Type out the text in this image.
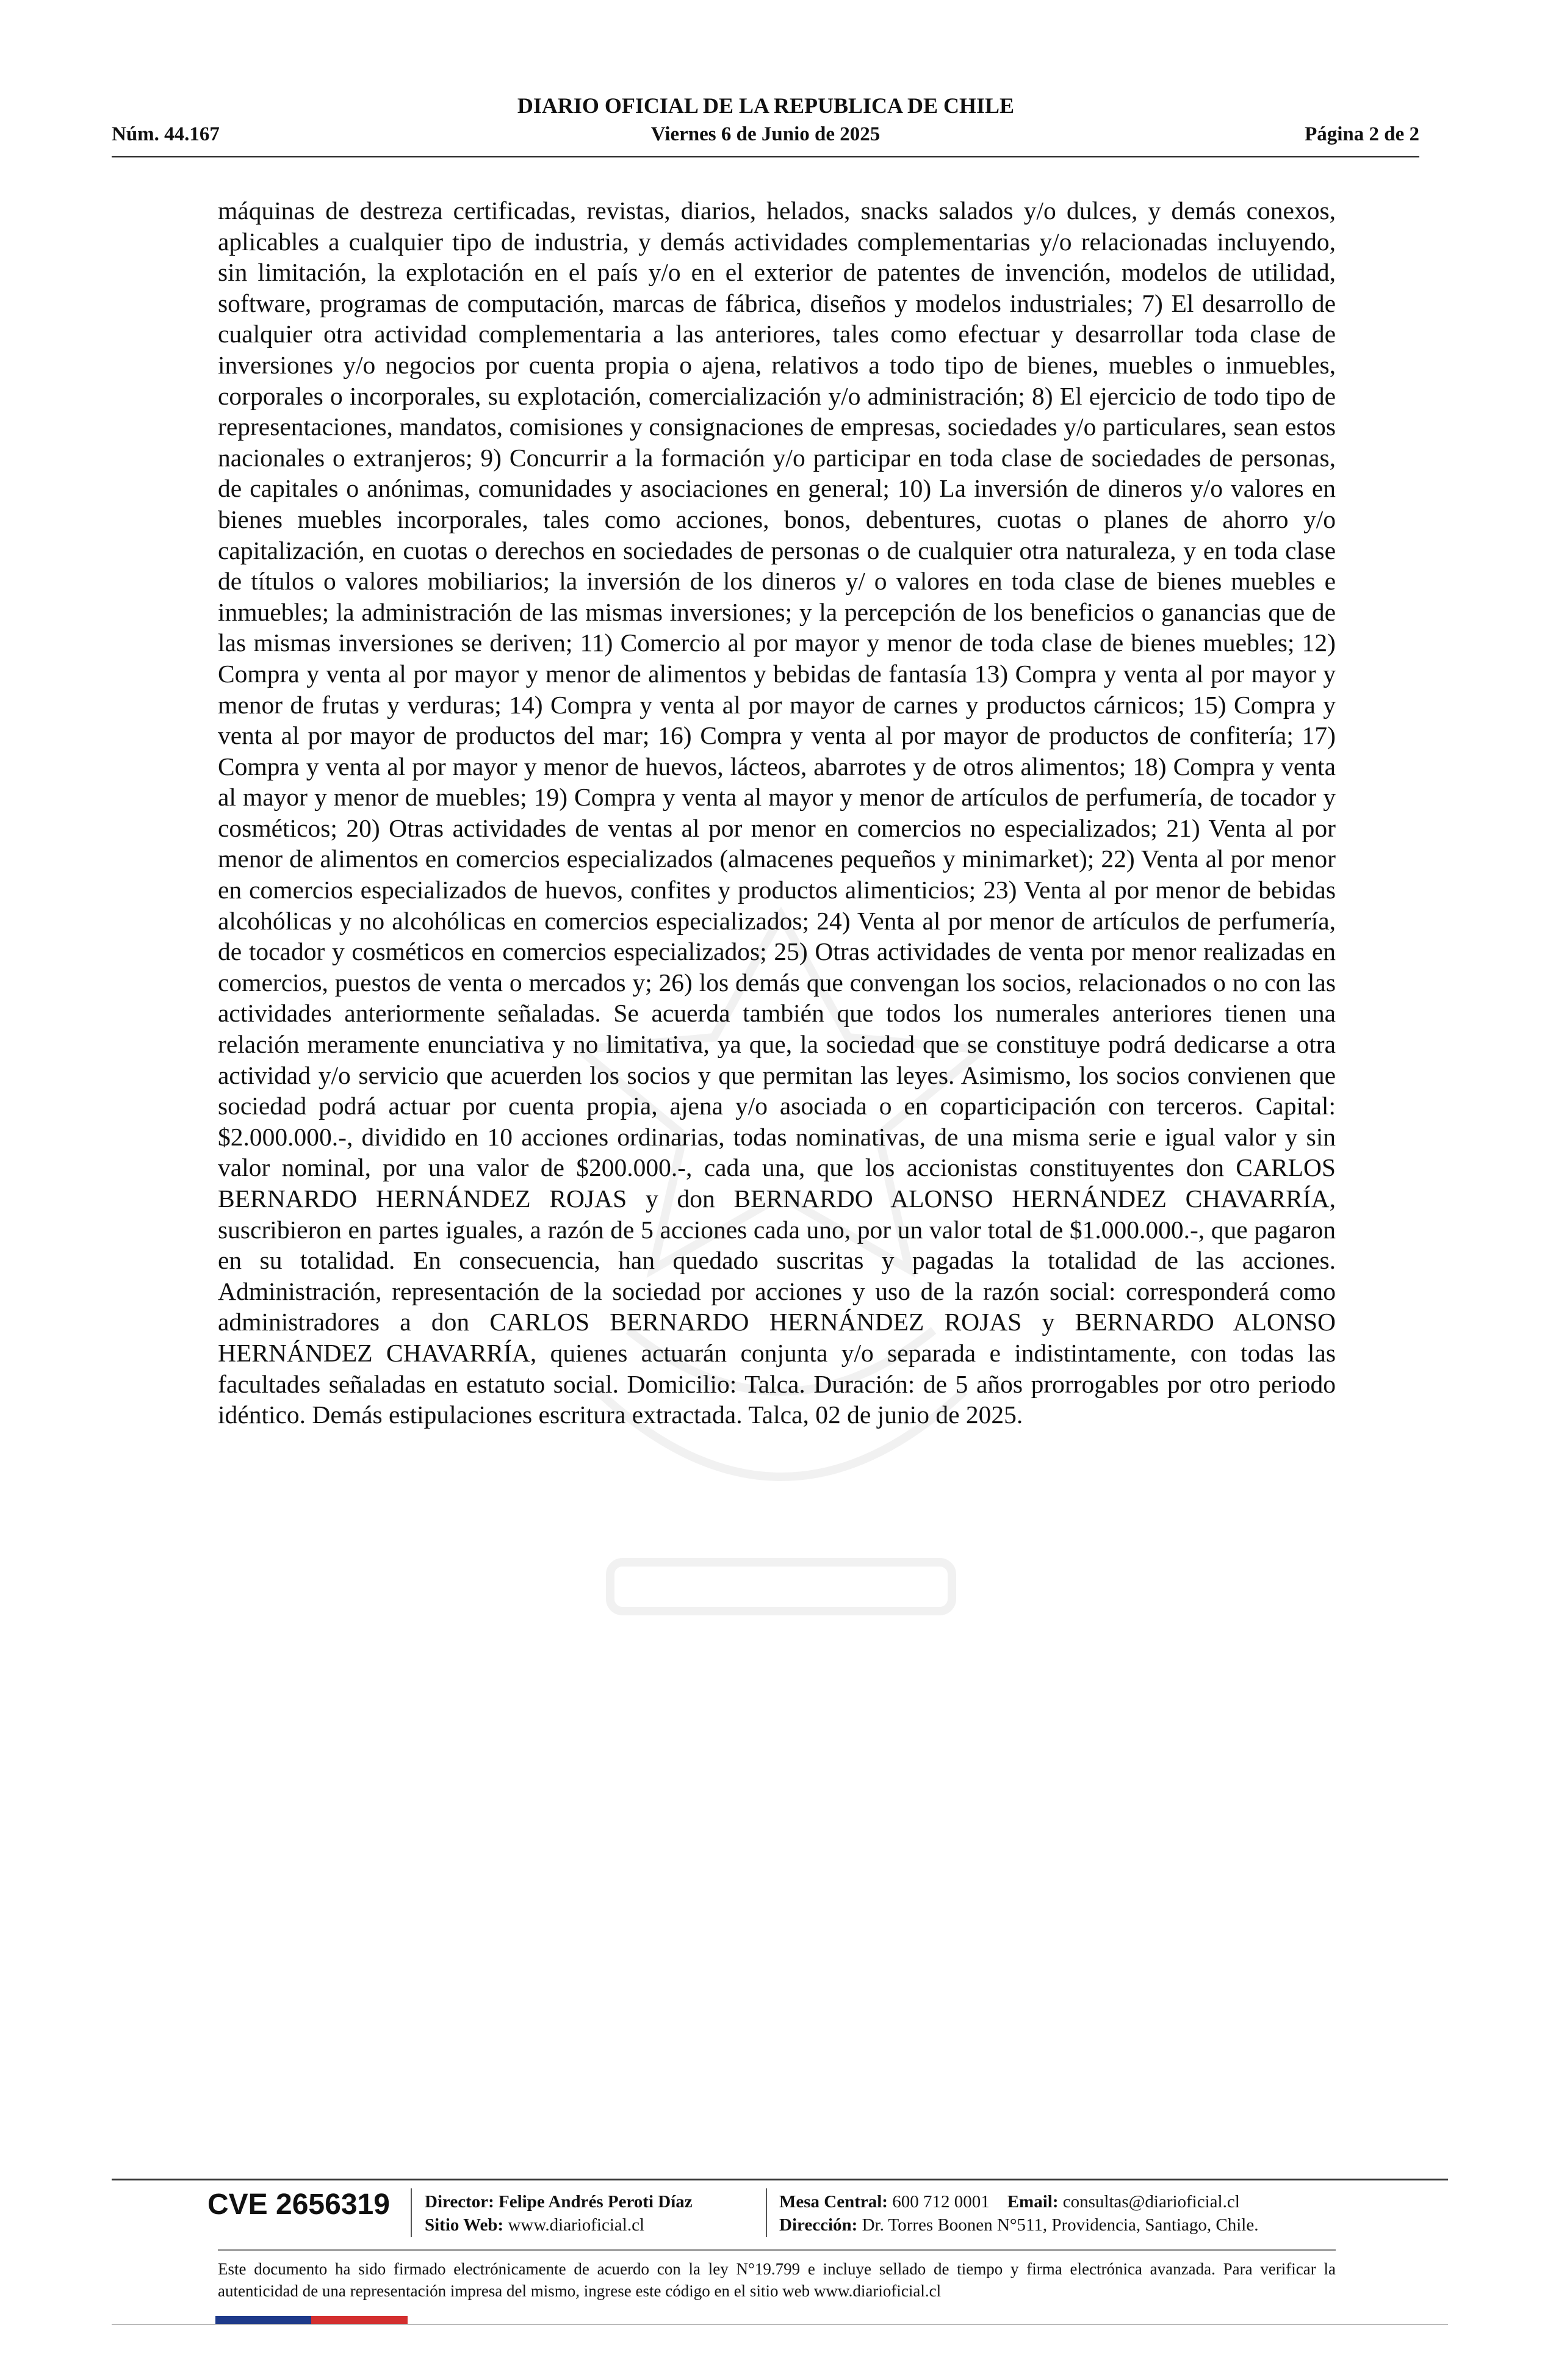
DIARIO OFICIAL DE LA REPUBLICA DE CHILE
Núm. 44.167	Viernes 6 de Junio de 2025	Página 2 de 2

máquinas de destreza certificadas, revistas, diarios, helados, snacks salados y/o dulces, y demás conexos, aplicables a cualquier tipo de industria, y demás actividades complementarias y/o relacionadas incluyendo, sin limitación, la explotación en el país y/o en el exterior de patentes de invención, modelos de utilidad, software, programas de computación, marcas de fábrica, diseños y modelos industriales; 7) El desarrollo de cualquier otra actividad complementaria a las anteriores, tales como efectuar y desarrollar toda clase de inversiones y/o negocios por cuenta propia o ajena, relativos a todo tipo de bienes, muebles o inmuebles, corporales o incorporales, su explotación, comercialización y/o administración; 8) El ejercicio de todo tipo de representaciones, mandatos, comisiones y consignaciones de empresas, sociedades y/o particulares, sean estos nacionales o extranjeros; 9) Concurrir a la formación y/o participar en toda clase de sociedades de personas, de capitales o anónimas, comunidades y asociaciones en general; 10) La inversión de dineros y/o valores en bienes muebles incorporales, tales como acciones, bonos, debentures, cuotas o planes de ahorro y/o capitalización, en cuotas o derechos en sociedades de personas o de cualquier otra naturaleza, y en toda clase de títulos o valores mobiliarios; la inversión de los dineros y/ o valores en toda clase de bienes muebles e inmuebles; la administración de las mismas inversiones; y la percepción de los beneficios o ganancias que de las mismas inversiones se deriven; 11) Comercio al por mayor y menor de toda clase de bienes muebles; 12) Compra y venta al por mayor y menor de alimentos y bebidas de fantasía 13) Compra y venta al por mayor y menor de frutas y verduras; 14) Compra y venta al por mayor de carnes y productos cárnicos; 15) Compra y venta al por mayor de productos del mar; 16) Compra y venta al por mayor de productos de confitería; 17) Compra y venta al por mayor y menor de huevos, lácteos, abarrotes y de otros alimentos; 18) Compra y venta al mayor y menor de muebles; 19) Compra y venta al mayor y menor de artículos de perfumería, de tocador y cosméticos; 20) Otras actividades de ventas al por menor en comercios no especializados; 21) Venta al por menor de alimentos en comercios especializados (almacenes pequeños y minimarket); 22) Venta al por menor en comercios especializados de huevos, confites y productos alimenticios; 23) Venta al por menor de bebidas alcohólicas y no alcohólicas en comercios especializados; 24) Venta al por menor de artículos de perfumería, de tocador y cosméticos en comercios especializados; 25) Otras actividades de venta por menor realizadas en comercios, puestos de venta o mercados y; 26) los demás que convengan los socios, relacionados o no con las actividades anteriormente señaladas. Se acuerda también que todos los numerales anteriores tienen una relación meramente enunciativa y no limitativa, ya que, la sociedad que se constituye podrá dedicarse a otra actividad y/o servicio que acuerden los socios y que permitan las leyes. Asimismo, los socios convienen que sociedad podrá actuar por cuenta propia, ajena y/o asociada o en coparticipación con terceros. Capital: $2.000.000.-, dividido en 10 acciones ordinarias, todas nominativas, de una misma serie e igual valor y sin valor nominal, por una valor de $200.000.-, cada una, que los accionistas constituyentes don CARLOS BERNARDO HERNÁNDEZ ROJAS y don BERNARDO ALONSO HERNÁNDEZ CHAVARRÍA, suscribieron en partes iguales, a razón de 5 acciones cada uno, por un valor total de $1.000.000.-, que pagaron en su totalidad. En consecuencia, han quedado suscritas y pagadas la totalidad de las acciones. Administración, representación de la sociedad por acciones y uso de la razón social: corresponderá como administradores a don CARLOS BERNARDO HERNÁNDEZ ROJAS y BERNARDO ALONSO HERNÁNDEZ CHAVARRÍA, quienes actuarán conjunta y/o separada e indistintamente, con todas las facultades señaladas en estatuto social. Domicilio: Talca. Duración: de 5 años prorrogables por otro periodo idéntico. Demás estipulaciones escritura extractada. Talca, 02 de junio de 2025.

CVE 2656319 Director: Felipe Andrés Peroti Díaz
Sitio Web: www.diarioficial.cl
Mesa Central: 600 712 0001 Email: consultas@diarioficial.cl
Dirección: Dr. Torres Boonen N°511, Providencia, Santiago, Chile.
Este documento ha sido firmado electrónicamente de acuerdo con la ley N°19.799 e incluye sellado de tiempo y firma electrónica avanzada. Para verificar la autenticidad de una representación impresa del mismo, ingrese este código en el sitio web www.diarioficial.cl
